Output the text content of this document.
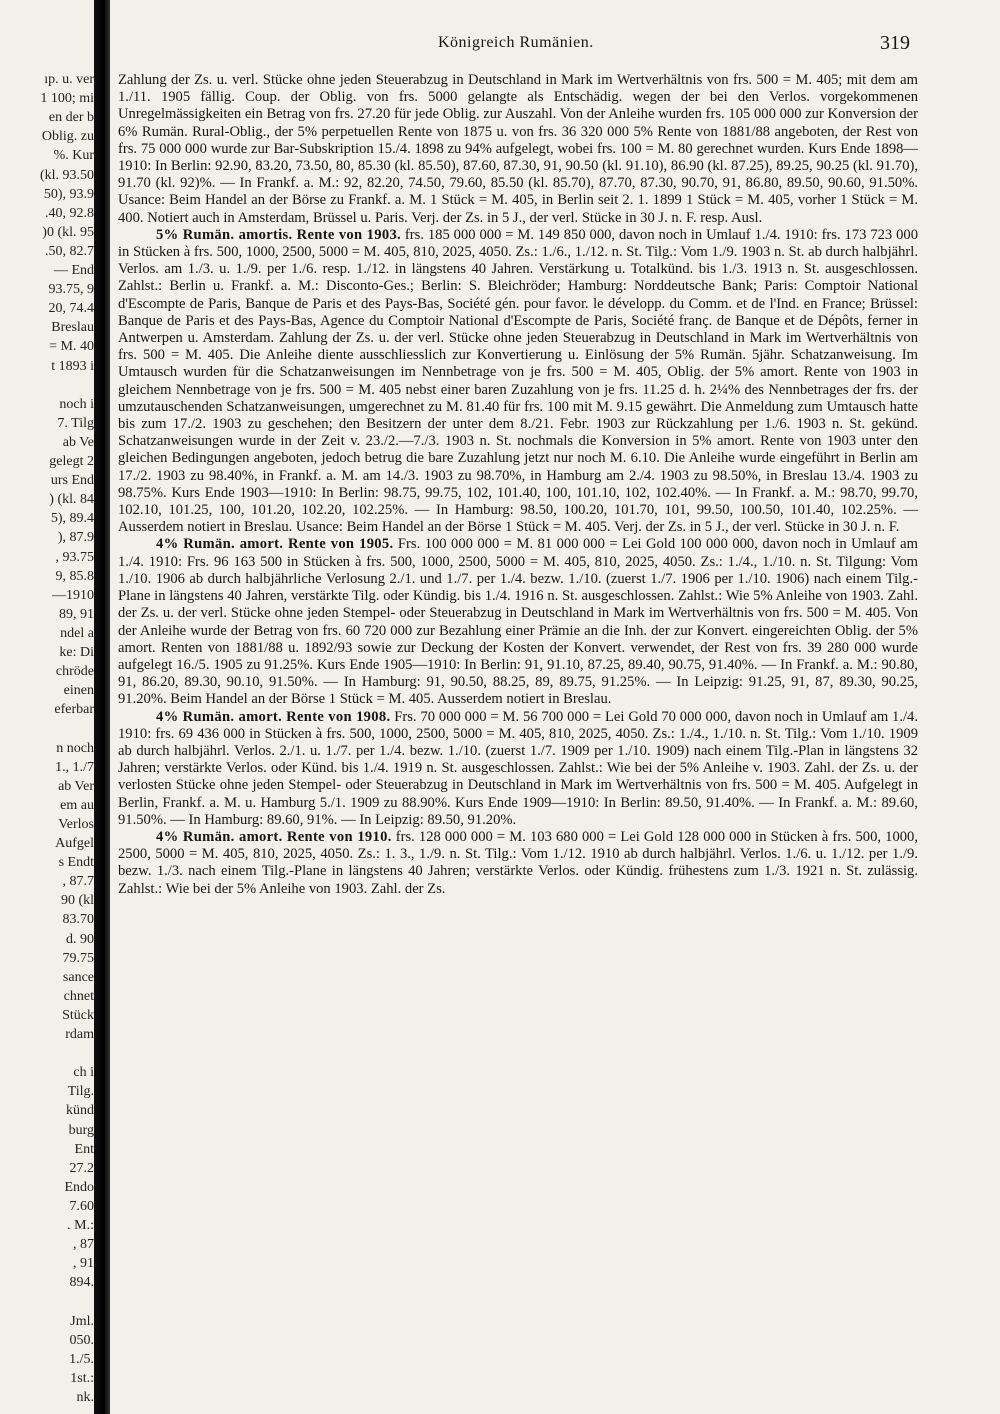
ıp. u. ver
1 100; mi
en der b
Oblig. zu
%. Kur
(kl. 93.50
50), 93.9
.40, 92.8
)0 (kl. 95
.50, 82.7
— End
93.75, 9
20, 74.4
Breslau
= M. 40
t 1893 i
noch i
7. Tilg
ab Ve
gelegt 2
urs End
) (kl. 84
5), 89.4
), 87.9
, 93.75
9, 85.8
—1910
89, 91
ndel a
ke: Di
chröde
einen
eferbar
n noch
1., 1./7
ab Ver
em au
Verlos
Aufgel
s Endt
, 87.7
90 (kl
83.70
d. 90
79.75
sance
chnet
Stück
rdam
ch i
Tilg.
künd
burg
Ent
27.2
Endo
7.60
. M.:
, 87
, 91
894.
Jml.
050.
1./5.
1st.:
nk.
Königreich Rumänien.	319

Zahlung der Zs. u. verl. Stücke ohne jeden Steuerabzug in Deutschland in Mark im Wertverhältnis von frs. 500 = M. 405; mit dem am 1./11. 1905 fällig. Coup. der Oblig. von frs. 5000 gelangte als Entschädig. wegen der bei den Verlos. vorgekommenen Unregelmässigkeiten ein Betrag von frs. 27.20 für jede Oblig. zur Auszahl. Von der Anleihe wurden frs. 105 000 000 zur Konversion der 6% Rumän. Rural-Oblig., der 5% perpetuellen Rente von 1875 u. von frs. 36 320 000 5% Rente von 1881/88 angeboten, der Rest von frs. 75 000 000 wurde zur Bar-Subskription 15./4. 1898 zu 94% aufgelegt, wobei frs. 100 = M. 80 gerechnet wurden. Kurs Ende 1898—1910: In Berlin: 92.90, 83.20, 73.50, 80, 85.30 (kl. 85.50), 87.60, 87.30, 91, 90.50 (kl. 91.10), 86.90 (kl. 87.25), 89.25, 90.25 (kl. 91.70), 91.70 (kl. 92)%. — In Frankf. a. M.: 92, 82.20, 74.50, 79.60, 85.50 (kl. 85.70), 87.70, 87.30, 90.70, 91, 86.80, 89.50, 90.60, 91.50%. Usance: Beim Handel an der Börse zu Frankf. a. M. 1 Stück = M. 405, in Berlin seit 2. 1. 1899 1 Stück = M. 405, vorher 1 Stück = M. 400. Notiert auch in Amsterdam, Brüssel u. Paris. Verj. der Zs. in 5 J., der verl. Stücke in 30 J. n. F. resp. Ausl.

5% Rumän. amortis. Rente von 1903. frs. 185 000 000 = M. 149 850 000, davon noch in Umlauf 1./4. 1910: frs. 173 723 000 in Stücken à frs. 500, 1000, 2500, 5000 = M. 405, 810, 2025, 4050. Zs.: 1./6., 1./12. n. St. Tilg.: Vom 1./9. 1903 n. St. ab durch halbjährl. Verlos. am 1./3. u. 1./9. per 1./6. resp. 1./12. in längstens 40 Jahren. Verstärkung u. Totalkünd. bis 1./3. 1913 n. St. ausgeschlossen. Zahlst.: Berlin u. Frankf. a. M.: Disconto-Ges.; Berlin: S. Bleichröder; Hamburg: Norddeutsche Bank; Paris: Comptoir National d'Escompte de Paris, Banque de Paris et des Pays-Bas, Société gén. pour favor. le développ. du Comm. et de l'Ind. en France; Brüssel: Banque de Paris et des Pays-Bas, Agence du Comptoir National d'Escompte de Paris, Société franç. de Banque et de Dépôts, ferner in Antwerpen u. Amsterdam. Zahlung der Zs. u. der verl. Stücke ohne jeden Steuerabzug in Deutschland in Mark im Wertverhältnis von frs. 500 = M. 405. Die Anleihe diente ausschliesslich zur Konvertierung u. Einlösung der 5% Rumän. 5jähr. Schatzanweisung. Im Umtausch wurden für die Schatzanweisungen im Nennbetrage von je frs. 500 = M. 405, Oblig. der 5% amort. Rente von 1903 in gleichem Nennbetrage von je frs. 500 = M. 405 nebst einer baren Zuzahlung von je frs. 11.25 d. h. 2¼% des Nennbetrages der frs. der umzutauschenden Schatzanweisungen, umgerechnet zu M. 81.40 für frs. 100 mit M. 9.15 gewährt. Die Anmeldung zum Umtausch hatte bis zum 17./2. 1903 zu geschehen; den Besitzern der unter dem 8./21. Febr. 1903 zur Rückzahlung per 1./6. 1903 n. St. gekünd. Schatzanweisungen wurde in der Zeit v. 23./2.—7./3. 1903 n. St. nochmals die Konversion in 5% amort. Rente von 1903 unter den gleichen Bedingungen angeboten, jedoch betrug die bare Zuzahlung jetzt nur noch M. 6.10. Die Anleihe wurde eingeführt in Berlin am 17./2. 1903 zu 98.40%, in Frankf. a. M. am 14./3. 1903 zu 98.70%, in Hamburg am 2./4. 1903 zu 98.50%, in Breslau 13./4. 1903 zu 98.75%. Kurs Ende 1903—1910: In Berlin: 98.75, 99.75, 102, 101.40, 100, 101.10, 102, 102.40%. — In Frankf. a. M.: 98.70, 99.70, 102.10, 101.25, 100, 101.20, 102.20, 102.25%. — In Hamburg: 98.50, 100.20, 101.70, 101, 99.50, 100.50, 101.40, 102.25%. — Ausserdem notiert in Breslau. Usance: Beim Handel an der Börse 1 Stück = M. 405. Verj. der Zs. in 5 J., der verl. Stücke in 30 J. n. F.

4% Rumän. amort. Rente von 1905. Frs. 100 000 000 = M. 81 000 000 = Lei Gold 100 000 000, davon noch in Umlauf am 1./4. 1910: Frs. 96 163 500 in Stücken à frs. 500, 1000, 2500, 5000 = M. 405, 810, 2025, 4050. Zs.: 1./4., 1./10. n. St. Tilgung: Vom 1./10. 1906 ab durch halbjährliche Verlosung 2./1. und 1./7. per 1./4. bezw. 1./10. (zuerst 1./7. 1906 per 1./10. 1906) nach einem Tilg.-Plane in längstens 40 Jahren, verstärkte Tilg. oder Kündig. bis 1./4. 1916 n. St. ausgeschlossen. Zahlst.: Wie 5% Anleihe von 1903. Zahl. der Zs. u. der verl. Stücke ohne jeden Stempel- oder Steuerabzug in Deutschland in Mark im Wertverhältnis von frs. 500 = M. 405. Von der Anleihe wurde der Betrag von frs. 60 720 000 zur Bezahlung einer Prämie an die Inh. der zur Konvert. eingereichten Oblig. der 5% amort. Renten von 1881/88 u. 1892/93 sowie zur Deckung der Kosten der Konvert. verwendet, der Rest von frs. 39 280 000 wurde aufgelegt 16./5. 1905 zu 91.25%. Kurs Ende 1905—1910: In Berlin: 91, 91.10, 87.25, 89.40, 90.75, 91.40%. — In Frankf. a. M.: 90.80, 91, 86.20, 89.30, 90.10, 91.50%. — In Hamburg: 91, 90.50, 88.25, 89, 89.75, 91.25%. — In Leipzig: 91.25, 91, 87, 89.30, 90.25, 91.20%. Beim Handel an der Börse 1 Stück = M. 405. Ausserdem notiert in Breslau.

4% Rumän. amort. Rente von 1908. Frs. 70 000 000 = M. 56 700 000 = Lei Gold 70 000 000, davon noch in Umlauf am 1./4. 1910: frs. 69 436 000 in Stücken à frs. 500, 1000, 2500, 5000 = M. 405, 810, 2025, 4050. Zs.: 1./4., 1./10. n. St. Tilg.: Vom 1./10. 1909 ab durch halbjährl. Verlos. 2./1. u. 1./7. per 1./4. bezw. 1./10. (zuerst 1./7. 1909 per 1./10. 1909) nach einem Tilg.-Plan in längstens 32 Jahren; verstärkte Verlos. oder Künd. bis 1./4. 1919 n. St. ausgeschlossen. Zahlst.: Wie bei der 5% Anleihe v. 1903. Zahl. der Zs. u. der verlosten Stücke ohne jeden Stempel- oder Steuerabzug in Deutschland in Mark im Wertverhältnis von frs. 500 = M. 405. Aufgelegt in Berlin, Frankf. a. M. u. Hamburg 5./1. 1909 zu 88.90%. Kurs Ende 1909—1910: In Berlin: 89.50, 91.40%. — In Frankf. a. M.: 89.60, 91.50%. — In Hamburg: 89.60, 91%. — In Leipzig: 89.50, 91.20%.

4% Rumän. amort. Rente von 1910. frs. 128 000 000 = M. 103 680 000 = Lei Gold 128 000 000 in Stücken à frs. 500, 1000, 2500, 5000 = M. 405, 810, 2025, 4050. Zs.: 1. 3., 1./9. n. St. Tilg.: Vom 1./12. 1910 ab durch halbjährl. Verlos. 1./6. u. 1./12. per 1./9. bezw. 1./3. nach einem Tilg.-Plane in längstens 40 Jahren; verstärkte Verlos. oder Kündig. frühestens zum 1./3. 1921 n. St. zulässig. Zahlst.: Wie bei der 5% Anleihe von 1903. Zahl. der Zs.
